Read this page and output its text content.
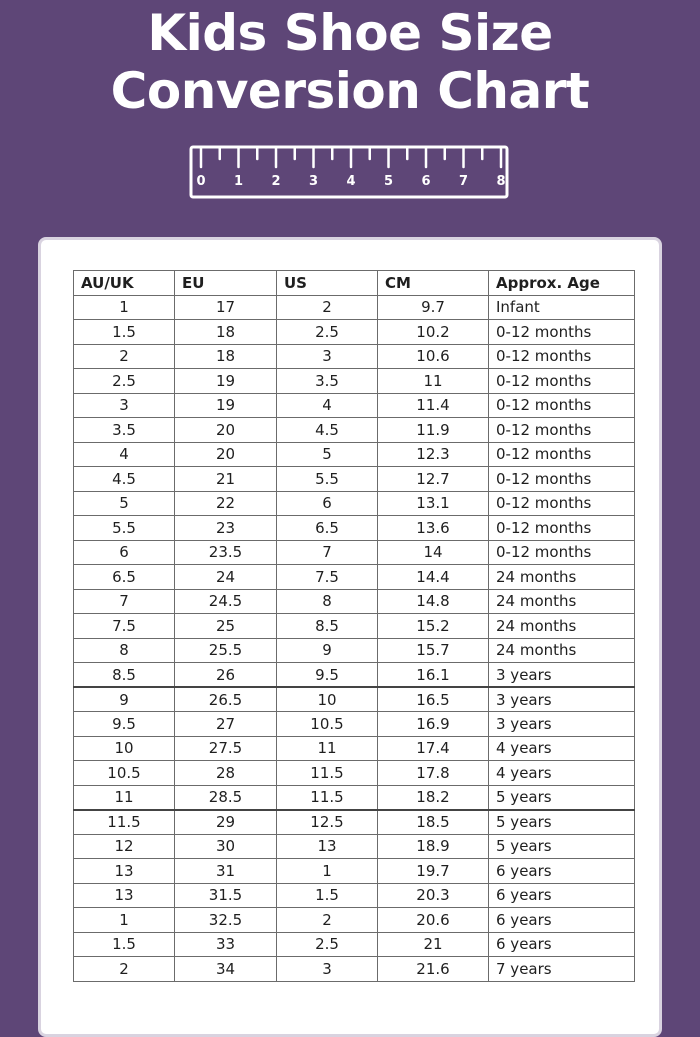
Kids Shoe Size
Conversion Chart
0 1 2 3 4 5 6 7 8
AU/UK	EU	US	CM	Approx. Age
1	17	2	9.7	Infant
1.5	18	2.5	10.2	0-12 months
2	18	3	10.6	0-12 months
2.5	19	3.5	11	0-12 months
3	19	4	11.4	0-12 months
3.5	20	4.5	11.9	0-12 months
4	20	5	12.3	0-12 months
4.5	21	5.5	12.7	0-12 months
5	22	6	13.1	0-12 months
5.5	23	6.5	13.6	0-12 months
6	23.5	7	14	0-12 months
6.5	24	7.5	14.4	24 months
7	24.5	8	14.8	24 months
7.5	25	8.5	15.2	24 months
8	25.5	9	15.7	24 months
8.5	26	9.5	16.1	3 years
9	26.5	10	16.5	3 years
9.5	27	10.5	16.9	3 years
10	27.5	11	17.4	4 years
10.5	28	11.5	17.8	4 years
11	28.5	11.5	18.2	5 years
11.5	29	12.5	18.5	5 years
12	30	13	18.9	5 years
13	31	1	19.7	6 years
13	31.5	1.5	20.3	6 years
1	32.5	2	20.6	6 years
1.5	33	2.5	21	6 years
2	34	3	21.6	7 years
